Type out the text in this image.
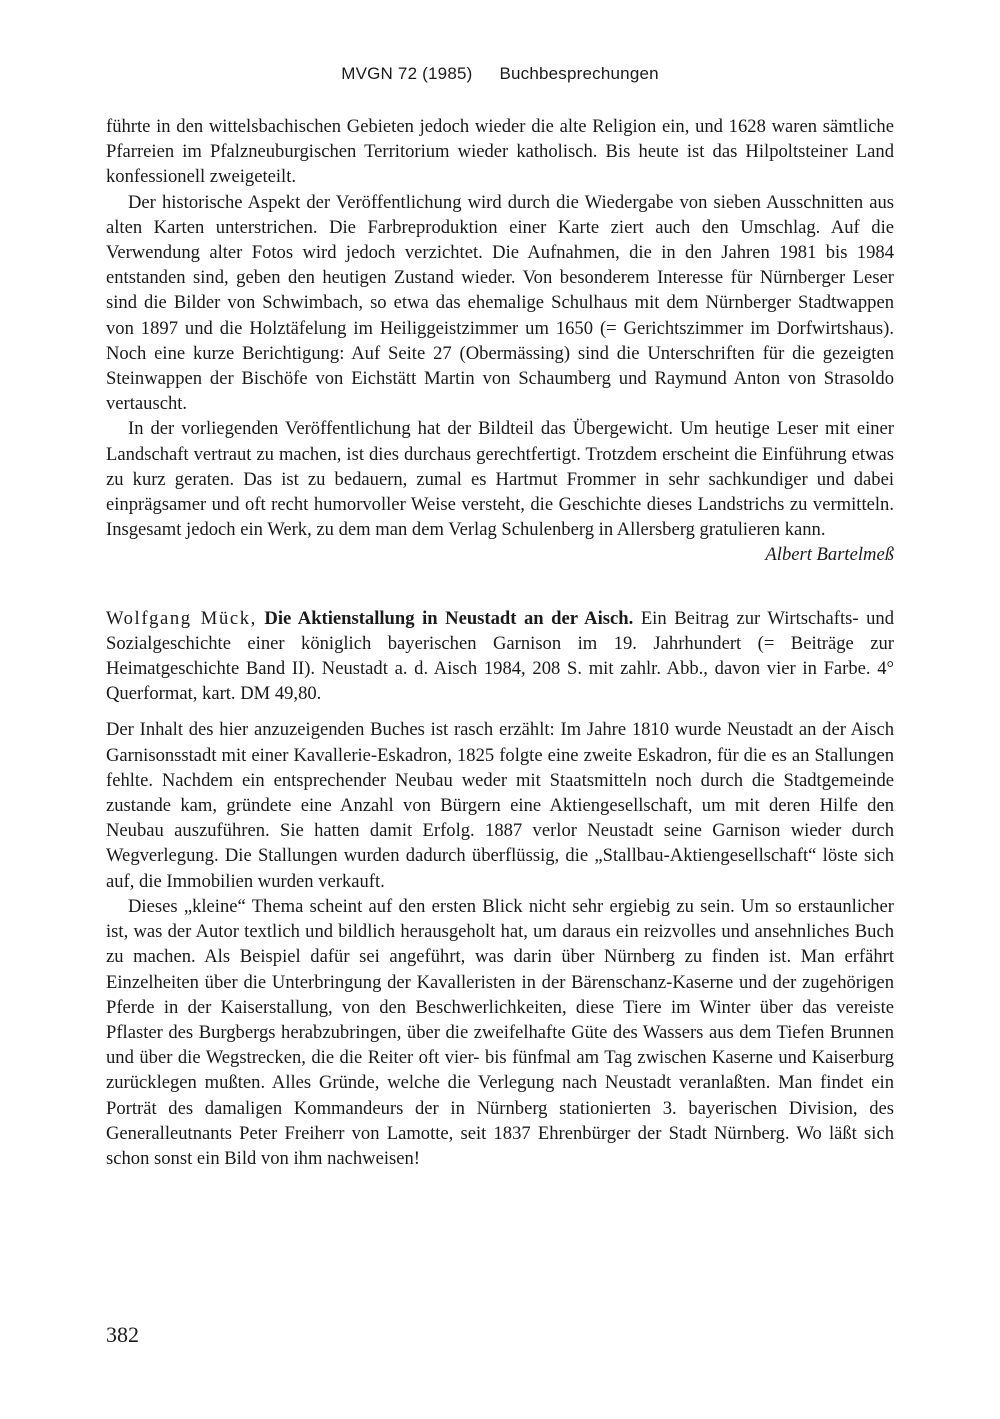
MVGN 72 (1985) Buchbesprechungen

führte in den wittelsbachischen Gebieten jedoch wieder die alte Religion ein, und 1628 waren sämtliche Pfarreien im Pfalzneuburgischen Territorium wieder katholisch. Bis heute ist das Hilpoltsteiner Land konfessionell zweigeteilt.

Der historische Aspekt der Veröffentlichung wird durch die Wiedergabe von sieben Ausschnitten aus alten Karten unterstrichen. Die Farbreproduktion einer Karte ziert auch den Umschlag. Auf die Verwendung alter Fotos wird jedoch verzichtet. Die Aufnahmen, die in den Jahren 1981 bis 1984 entstanden sind, geben den heutigen Zustand wieder. Von besonderem Interesse für Nürnberger Leser sind die Bilder von Schwimbach, so etwa das ehemalige Schulhaus mit dem Nürnberger Stadtwappen von 1897 und die Holztäfelung im Heiliggeistzimmer um 1650 (= Gerichtszimmer im Dorfwirtshaus). Noch eine kurze Berichtigung: Auf Seite 27 (Obermässing) sind die Unterschriften für die gezeigten Steinwappen der Bischöfe von Eichstätt Martin von Schaumberg und Raymund Anton von Strasoldo vertauscht.

In der vorliegenden Veröffentlichung hat der Bildteil das Übergewicht. Um heutige Leser mit einer Landschaft vertraut zu machen, ist dies durchaus gerechtfertigt. Trotzdem erscheint die Einführung etwas zu kurz geraten. Das ist zu bedauern, zumal es Hartmut Frommer in sehr sachkundiger und dabei einprägsamer und oft recht humorvoller Weise versteht, die Geschichte dieses Landstrichs zu vermitteln. Insgesamt jedoch ein Werk, zu dem man dem Verlag Schulenberg in Allersberg gratulieren kann.

Albert Bartelmeß
Wolfgang Mück, Die Aktienstallung in Neustadt an der Aisch. Ein Beitrag zur Wirtschafts- und Sozialgeschichte einer königlich bayerischen Garnison im 19. Jahrhundert (= Beiträge zur Heimatgeschichte Band II). Neustadt a. d. Aisch 1984, 208 S. mit zahlr. Abb., davon vier in Farbe. 4° Querformat, kart. DM 49,80.

Der Inhalt des hier anzuzeigenden Buches ist rasch erzählt: Im Jahre 1810 wurde Neustadt an der Aisch Garnisonsstadt mit einer Kavallerie-Eskadron, 1825 folgte eine zweite Eskadron, für die es an Stallungen fehlte. Nachdem ein entsprechender Neubau weder mit Staatsmitteln noch durch die Stadtgemeinde zustande kam, gründete eine Anzahl von Bürgern eine Aktiengesellschaft, um mit deren Hilfe den Neubau auszuführen. Sie hatten damit Erfolg. 1887 verlor Neustadt seine Garnison wieder durch Wegverlegung. Die Stallungen wurden dadurch überflüssig, die „Stallbau-Aktiengesellschaft“ löste sich auf, die Immobilien wurden verkauft.

Dieses „kleine“ Thema scheint auf den ersten Blick nicht sehr ergiebig zu sein. Um so erstaunlicher ist, was der Autor textlich und bildlich herausgeholt hat, um daraus ein reizvolles und ansehnliches Buch zu machen. Als Beispiel dafür sei angeführt, was darin über Nürnberg zu finden ist. Man erfährt Einzelheiten über die Unterbringung der Kavalleristen in der Bärenschanz-Kaserne und der zugehörigen Pferde in der Kaiserstallung, von den Beschwerlichkeiten, diese Tiere im Winter über das vereiste Pflaster des Burgbergs herabzubringen, über die zweifelhafte Güte des Wassers aus dem Tiefen Brunnen und über die Wegstrecken, die die Reiter oft vier- bis fünfmal am Tag zwischen Kaserne und Kaiserburg zurücklegen mußten. Alles Gründe, welche die Verlegung nach Neustadt veranlaßten. Man findet ein Porträt des damaligen Kommandeurs der in Nürnberg stationierten 3. bayerischen Division, des Generalleutnants Peter Freiherr von Lamotte, seit 1837 Ehrenbürger der Stadt Nürnberg. Wo läßt sich schon sonst ein Bild von ihm nachweisen!

382
